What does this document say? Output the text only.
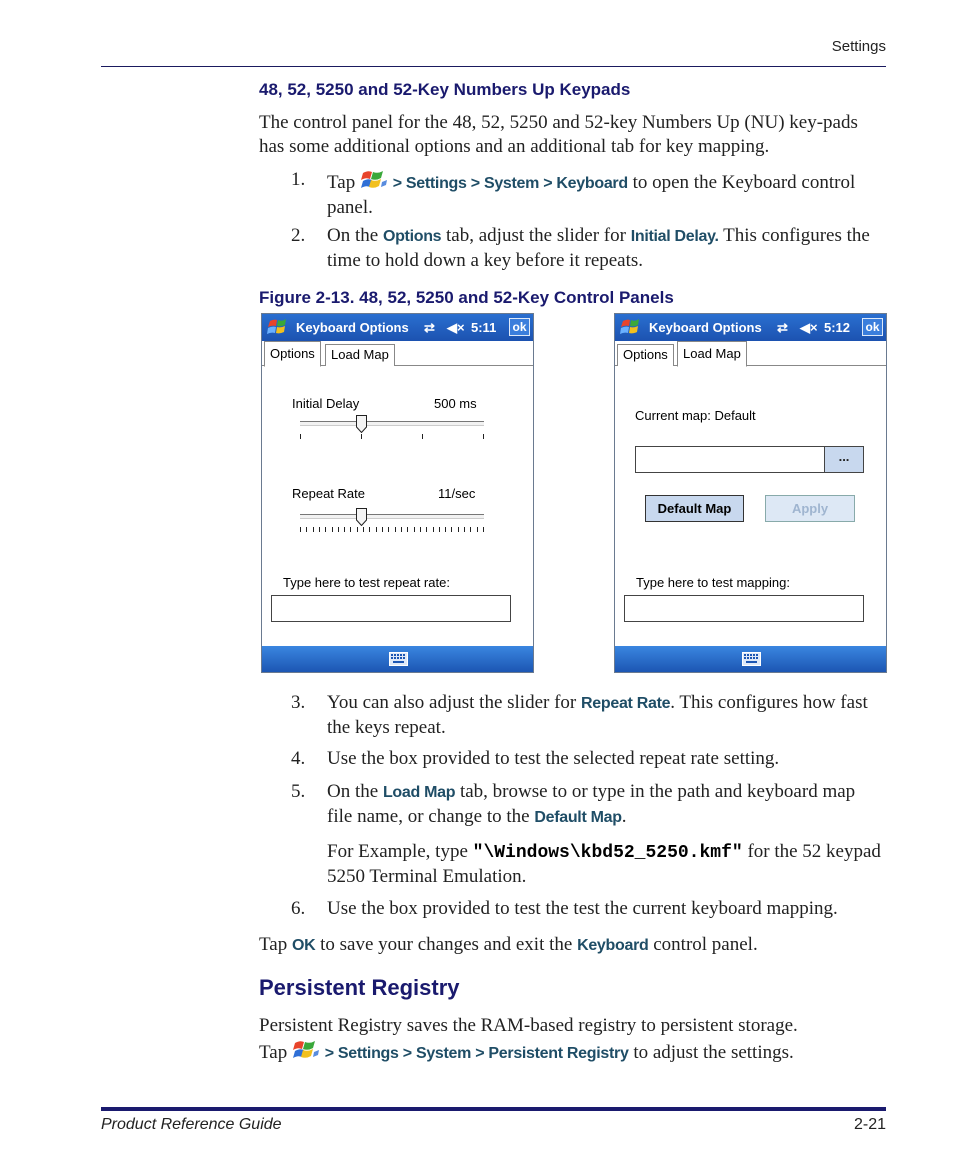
Settings
48, 52, 5250 and 52-Key Numbers Up Keypads
The control panel for the 48, 52, 5250 and 52-key Numbers Up (NU) key-pads has some additional options and an additional tab for key mapping.
1. Tap > Settings > System > Keyboard to open the Keyboard control panel.
2. On the Options tab, adjust the slider for Initial Delay. This configures the time to hold down a key before it repeats.
Figure 2-13. 48, 52, 5250 and 52-Key Control Panels
Keyboard Options ⇄ ◀× 5:11 ok
Options	Load Map
Initial Delay	500 ms
Repeat Rate	11/sec
Type here to test repeat rate:
Keyboard Options ⇄ ◀× 5:12 ok
Options	Load Map
Current map: Default
...
Default Map	Apply
Type here to test mapping:
3. You can also adjust the slider for Repeat Rate. This configures how fast the keys repeat.
4. Use the box provided to test the selected repeat rate setting.
5. On the Load Map tab, browse to or type in the path and keyboard map file name, or change to the Default Map.
For Example, type "\Windows\kbd52_5250.kmf" for the 52 keypad 5250 Terminal Emulation.
6. Use the box provided to test the test the current keyboard mapping.
Tap OK to save your changes and exit the Keyboard control panel.
Persistent Registry
Persistent Registry saves the RAM-based registry to persistent storage.
Tap > Settings > System > Persistent Registry to adjust the settings.
Product Reference Guide	2-21
